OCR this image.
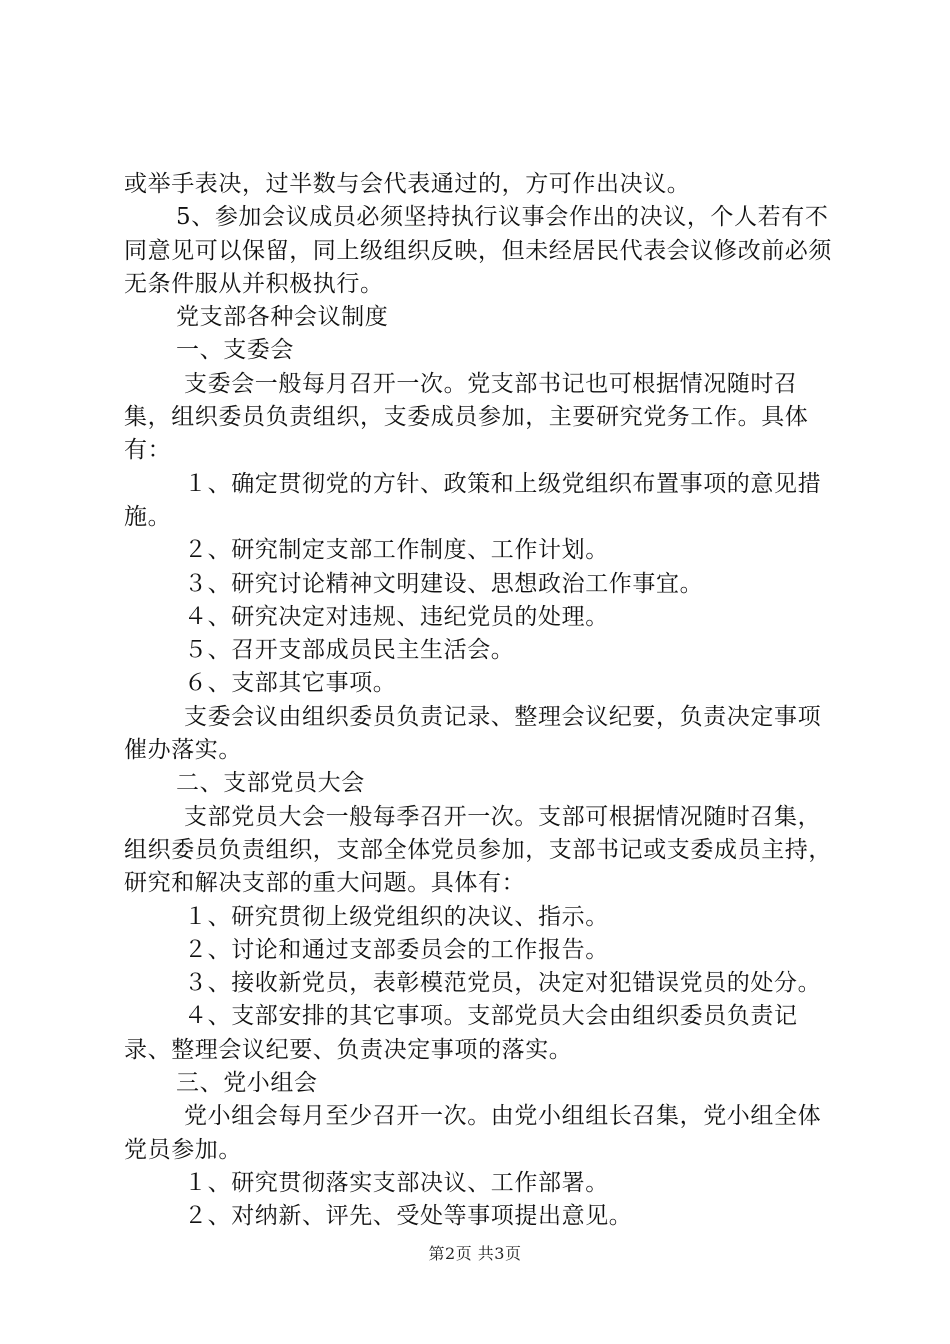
或举手表决，过半数与会代表通过的，方可作出决议。

5、参加会议成员必须坚持执行议事会作出的决议，个人若有不同意见可以保留，同上级组织反映，但未经居民代表会议修改前必须无条件服从并积极执行。

党支部各种会议制度

一、支委会

支委会一般每月召开一次。党支部书记也可根据情况随时召集，组织委员负责组织，支委成员参加，主要研究党务工作。具体有：

１、确定贯彻党的方针、政策和上级党组织布置事项的意见措施。

２、研究制定支部工作制度、工作计划。

３、研究讨论精神文明建设、思想政治工作事宜。

４、研究决定对违规、违纪党员的处理。

５、召开支部成员民主生活会。

６、支部其它事项。

支委会议由组织委员负责记录、整理会议纪要，负责决定事项催办落实。

二、支部党员大会

支部党员大会一般每季召开一次。支部可根据情况随时召集，组织委员负责组织，支部全体党员参加，支部书记或支委成员主持，研究和解决支部的重大问题。具体有：

１、研究贯彻上级党组织的决议、指示。

２、讨论和通过支部委员会的工作报告。

３、接收新党员，表彰模范党员，决定对犯错误党员的处分。

４、支部安排的其它事项。支部党员大会由组织委员负责记录、整理会议纪要、负责决定事项的落实。

三、党小组会

党小组会每月至少召开一次。由党小组组长召集，党小组全体党员参加。

１、研究贯彻落实支部决议、工作部署。

２、对纳新、评先、受处等事项提出意见。

第2页 共3页
